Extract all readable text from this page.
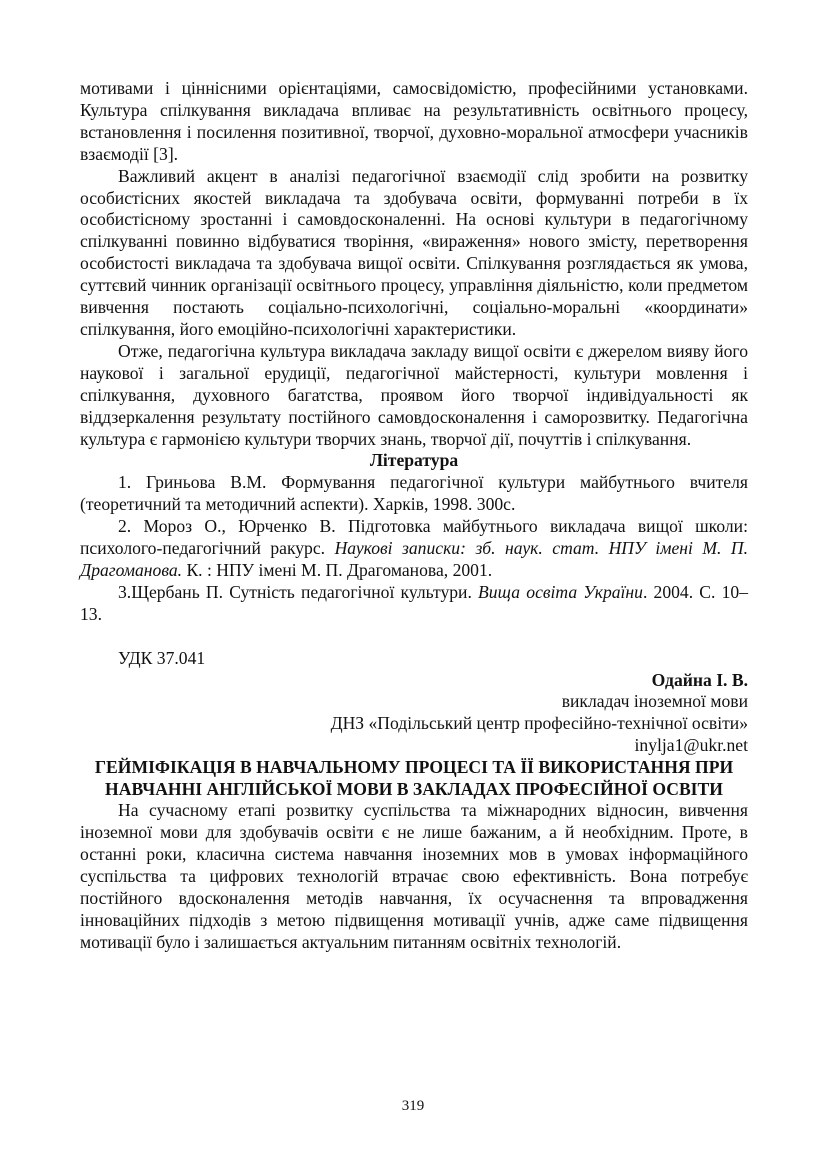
мотивами і ціннісними орієнтаціями, самосвідомістю, професійними установками. Культура спілкування викладача впливає на результативність освітнього процесу, встановлення і посилення позитивної, творчої, духовно-моральної атмосфери учасників взаємодії [3].

Важливий акцент в аналізі педагогічної взаємодії слід зробити на розвитку особистісних якостей викладача та здобувача освіти, формуванні потреби в їх особистісному зростанні і самовдосконаленні. На основі культури в педагогічному спілкуванні повинно відбуватися творіння, «вираження» нового змісту, перетворення особистості викладача та здобувача вищої освіти. Спілкування розглядається як умова, суттєвий чинник організації освітнього процесу, управління діяльністю, коли предметом вивчення постають соціально-психологічні, соціально-моральні «координати» спілкування, його емоційно-психологічні характеристики.

Отже, педагогічна культура викладача закладу вищої освіти є джерелом вияву його наукової і загальної ерудиції, педагогічної майстерності, культури мовлення і спілкування, духовного багатства, проявом його творчої індивідуальності як віддзеркалення результату постійного самовдосконалення і саморозвитку. Педагогічна культура є гармонією культури творчих знань, творчої дії, почуттів і спілкування.

Література

1. Гриньова В.М. Формування педагогічної культури майбутнього вчителя (теоретичний та методичний аспекти). Харків, 1998. 300с.

2. Мороз О., Юрченко В. Підготовка майбутнього викладача вищої школи: психолого-педагогічний ракурс. Наукові записки: зб. наук. стат. НПУ імені М. П. Драгоманова. К. : НПУ імені М. П. Драгоманова, 2001.

3.Щербань П. Сутність педагогічної культури. Вища освіта України. 2004. С. 10–13.

УДК 37.041

Одайна І. В.

викладач іноземної мови

ДНЗ «Подільський центр професійно-технічної освіти»

inylja1@ukr.net

ГЕЙМІФІКАЦІЯ В НАВЧАЛЬНОМУ ПРОЦЕСІ ТА ЇЇ ВИКОРИСТАННЯ ПРИ НАВЧАННІ АНГЛІЙСЬКОЇ МОВИ В ЗАКЛАДАХ ПРОФЕСІЙНОЇ ОСВІТИ

На сучасному етапі розвитку суспільства та міжнародних відносин, вивчення іноземної мови для здобувачів освіти є не лише бажаним, а й необхідним. Проте, в останні роки, класична система навчання іноземних мов в умовах інформаційного суспільства та цифрових технологій втрачає свою ефективність. Вона потребує постійного вдосконалення методів навчання, їх осучаснення та впровадження інноваційних підходів з метою підвищення мотивації учнів, адже саме підвищення мотивації було і залишається актуальним питанням освітніх технологій.

319
